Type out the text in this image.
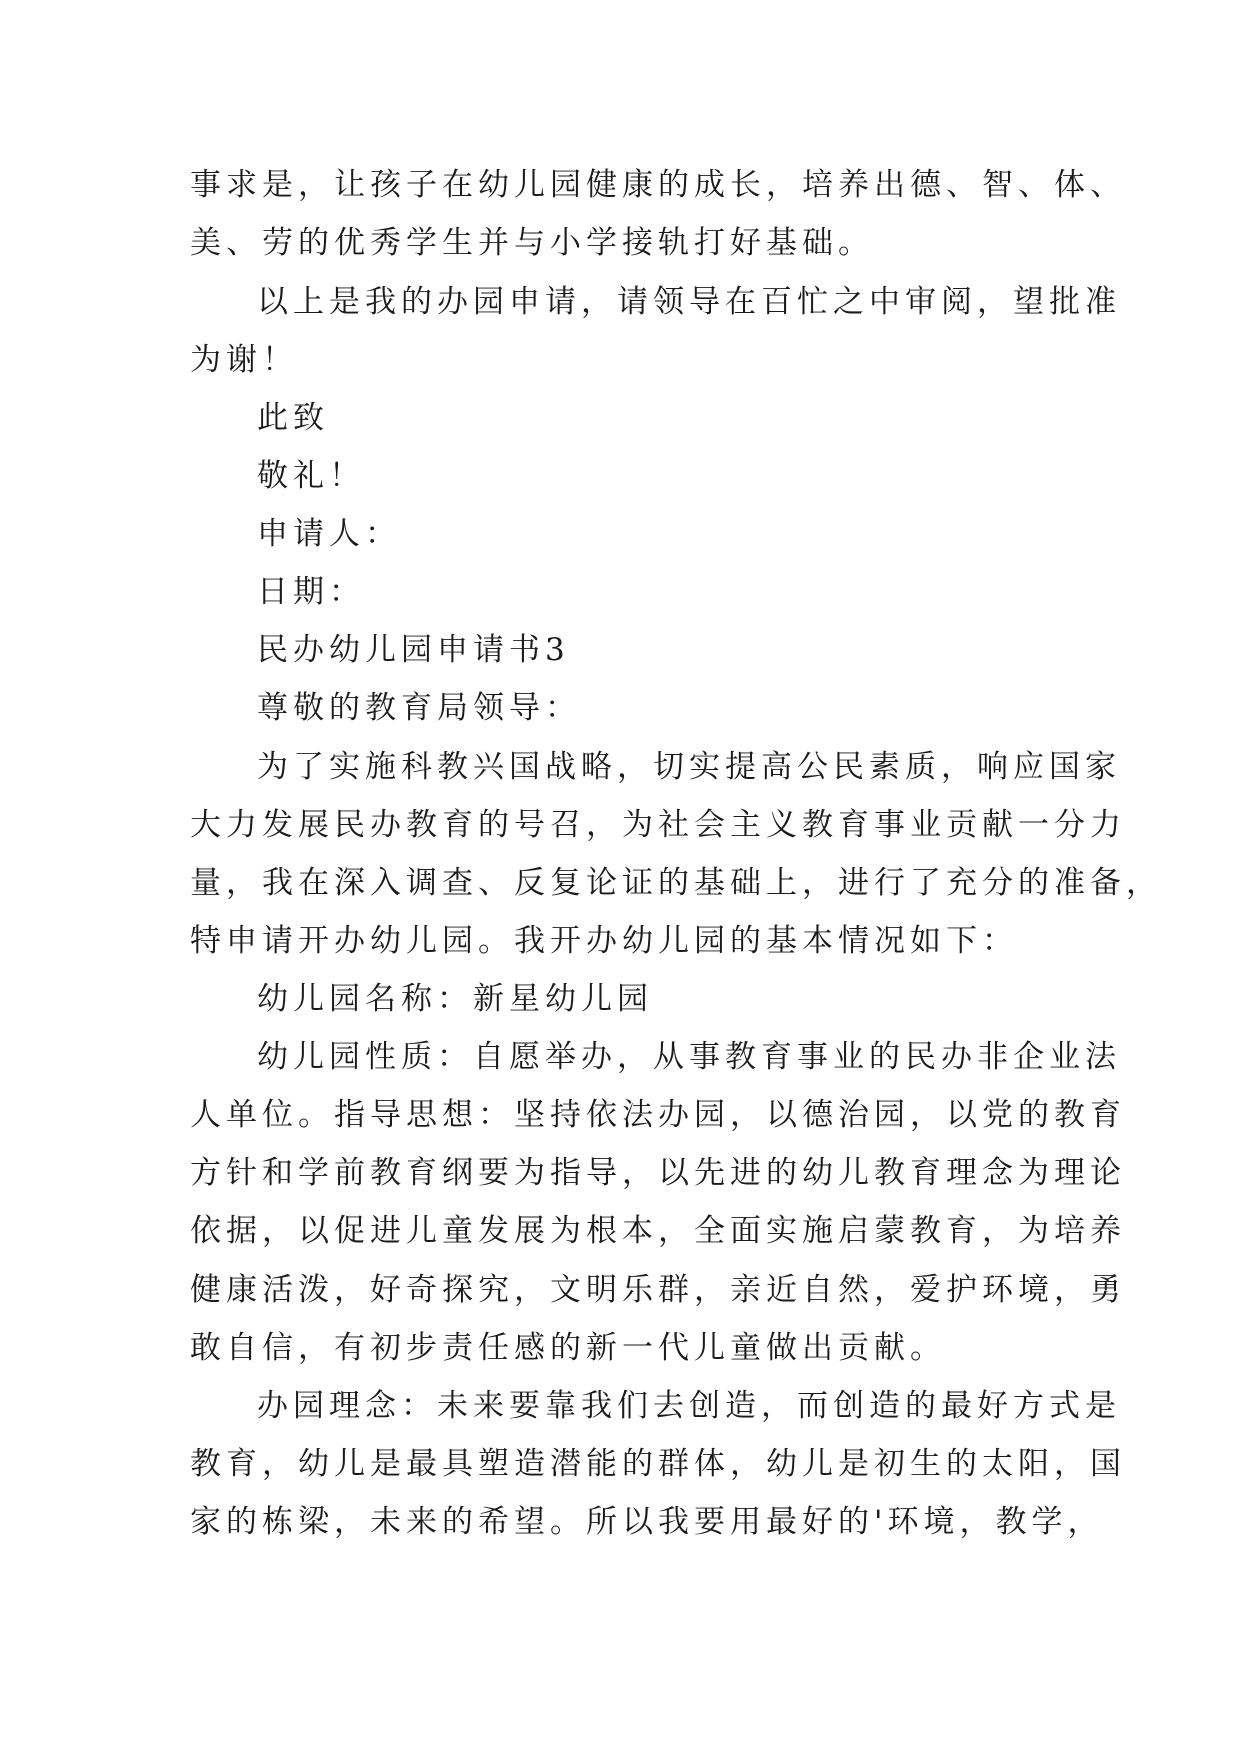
事求是，让孩子在幼儿园健康的成长，培养出德、智、体、
美、劳的优秀学生并与小学接轨打好基础。
以上是我的办园申请，请领导在百忙之中审阅，望批准
为谢！
此致
敬礼！
申请人：
日期：
民办幼儿园申请书3
尊敬的教育局领导：
为了实施科教兴国战略，切实提高公民素质，响应国家
大力发展民办教育的号召，为社会主义教育事业贡献一分力
量，我在深入调查、反复论证的基础上，进行了充分的准备，
特申请开办幼儿园。我开办幼儿园的基本情况如下：
幼儿园名称：新星幼儿园
幼儿园性质：自愿举办，从事教育事业的民办非企业法
人单位。指导思想：坚持依法办园，以德治园，以党的教育
方针和学前教育纲要为指导，以先进的幼儿教育理念为理论
依据，以促进儿童发展为根本，全面实施启蒙教育，为培养
健康活泼，好奇探究，文明乐群，亲近自然，爱护环境，勇
敢自信，有初步责任感的新一代儿童做出贡献。
办园理念：未来要靠我们去创造，而创造的最好方式是
教育，幼儿是最具塑造潜能的群体，幼儿是初生的太阳，国
家的栋梁，未来的希望。所以我要用最好的'环境，教学，
